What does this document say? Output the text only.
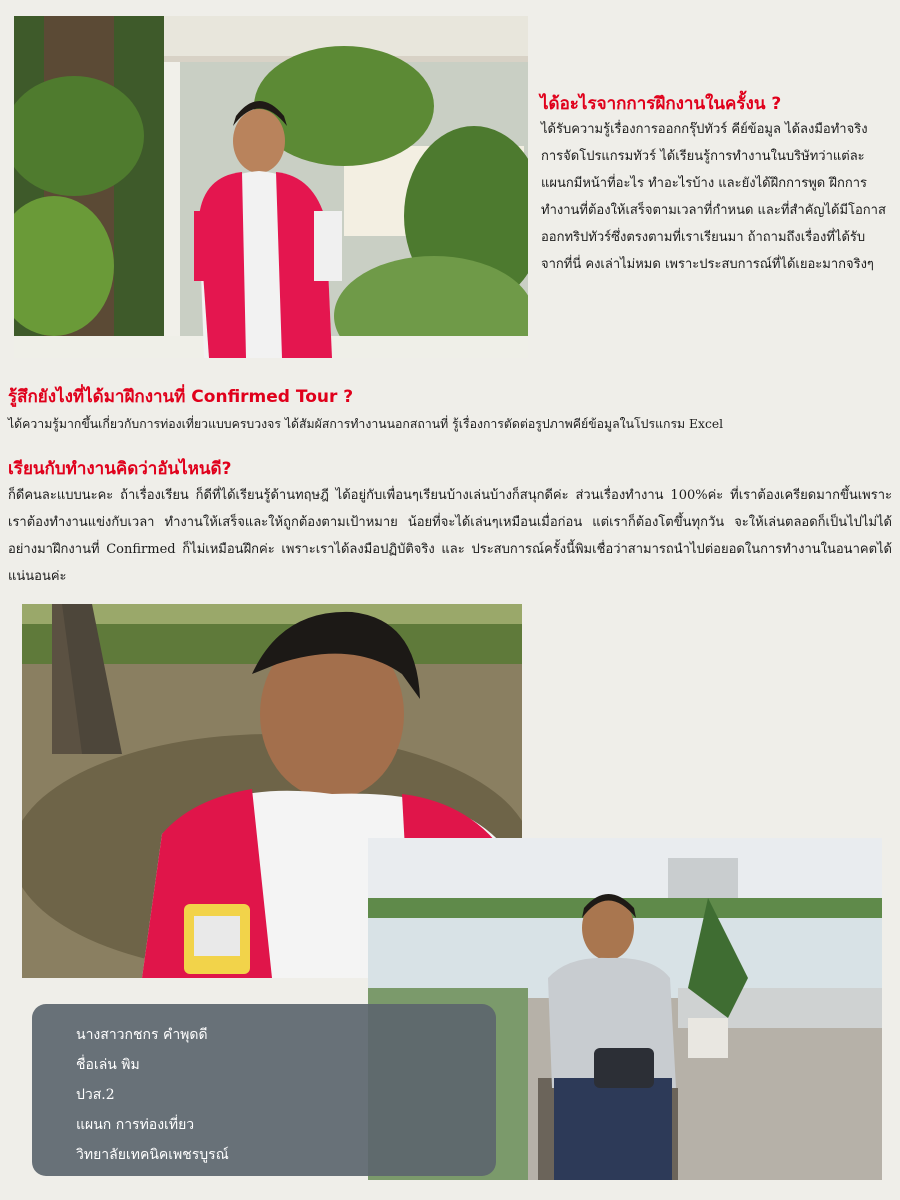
ได้อะไรจากการฝึกงานในครั้งน ?

ได้รับความรู้เรื่องการออกกรุ๊ปทัวร์ คีย์ข้อมูล ได้ลงมือทำจริง การจัดโปรแกรมทัวร์ ได้เรียนรู้การทำงานในบริษัทว่าแต่ละแผนกมีหน้าที่อะไร ทำอะไรบ้าง และยังได้ฝึกการพูด ฝึกการทำงานที่ต้องให้เสร็จตามเวลาที่กำหนด และที่สำคัญได้มีโอกาสออกทริปทัวร์ซึ่งตรงตามที่เราเรียนมา ถ้าถามถึงเรื่องที่ได้รับจากที่นี่ คงเล่าไม่หมด เพราะประสบการณ์ที่ได้เยอะมากจริงๆ

รู้สึกยังไงที่ได้มาฝึกงานที่ Confirmed Tour ?

ได้ความรู้มากขึ้นเกี่ยวกับการท่องเที่ยวแบบครบวงจร ได้สัมผัสการทำงานนอกสถานที่ รู้เรื่องการตัดต่อรูปภาพคีย์ข้อมูลในโปรแกรม Excel

เรียนกับทำงานคิดว่าอันไหนดี?

ก็ดีคนละแบบนะคะ ถ้าเรื่องเรียน ก็ดีที่ได้เรียนรู้ด้านทฤษฎี ได้อยู่กับเพื่อนๆเรียนบ้างเล่นบ้างก็สนุกดีค่ะ ส่วนเรื่องทำงาน 100%ค่ะ ที่เราต้องเครียดมากขึ้นเพราะเราต้องทำงานแข่งกับเวลา ทำงานให้เสร็จและให้ถูกต้องตามเป้าหมาย น้อยที่จะได้เล่นๆเหมือนเมื่อก่อน แต่เราก็ต้องโตขึ้นทุกวัน จะให้เล่นตลอดก็เป็นไปไม่ได้ อย่างมาฝึกงานที่ Confirmed ก็ไม่เหมือนฝึกค่ะ เพราะเราได้ลงมือปฏิบัติจริง และ ประสบการณ์ครั้งนี้พิมเชื่อว่าสามารถนำไปต่อยอดในการทำงานในอนาคตได้แน่นอนค่ะ

นางสาวกชกร คำพุดดี
ชื่อเล่น พิม
ปวส.2
แผนก การท่องเที่ยว
วิทยาลัยเทคนิคเพชรบูรณ์
